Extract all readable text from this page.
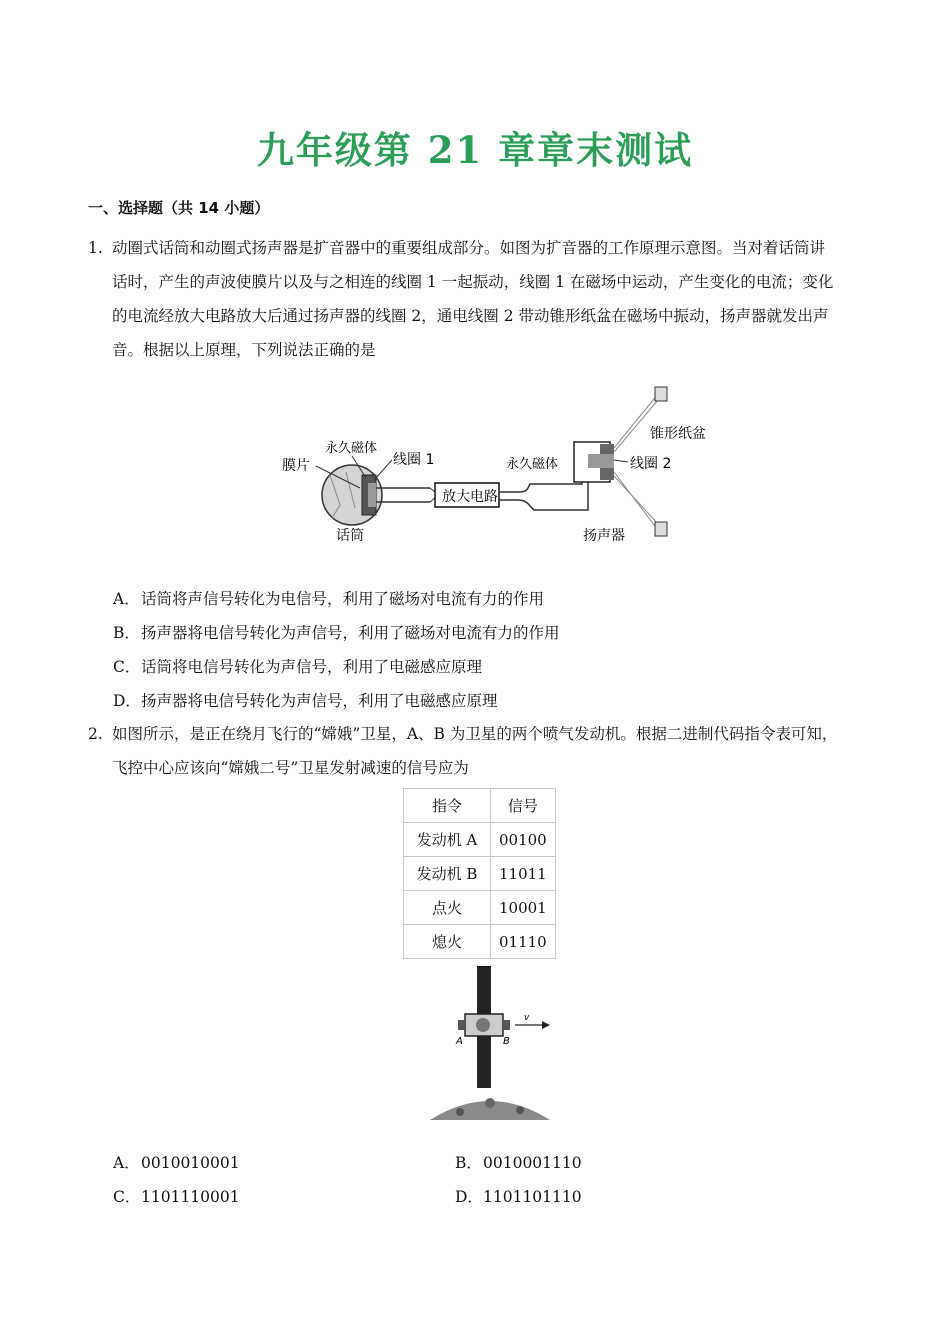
九年级第 21 章章末测试
一、选择题（共 14 小题）
1. 动圈式话筒和动圈式扬声器是扩音器中的重要组成部分。如图为扩音器的工作原理示意图。当对着话筒讲
话时，产生的声波使膜片以及与之相连的线圈 1 一起振动，线圈 1 在磁场中运动，产生变化的电流；变化
的电流经放大电路放大后通过扬声器的线圈 2，通电线圈 2 带动锥形纸盆在磁场中振动，扬声器就发出声
音。根据以上原理，下列说法正确的是
永久磁体
线圈 1
膜片
放大电路
永久磁体	线圈 2
锥形纸盆
话筒	扬声器
A．话筒将声信号转化为电信号，利用了磁场对电流有力的作用
B．扬声器将电信号转化为声信号，利用了磁场对电流有力的作用
C．话筒将电信号转化为声信号，利用了电磁感应原理
D．扬声器将电信号转化为声信号，利用了电磁感应原理
2. 如图所示，是正在绕月飞行的“嫦娥”卫星，A、B 为卫星的两个喷气发动机。根据二进制代码指令表可知，
飞控中心应该向“嫦娥二号”卫星发射减速的信号应为
指令	信号
发动机 A	00100
发动机 B	11011
点火	10001
熄火	01110
v
A	B
A．0010010001	B．0010001110
C．1101110001	D．1101101110
